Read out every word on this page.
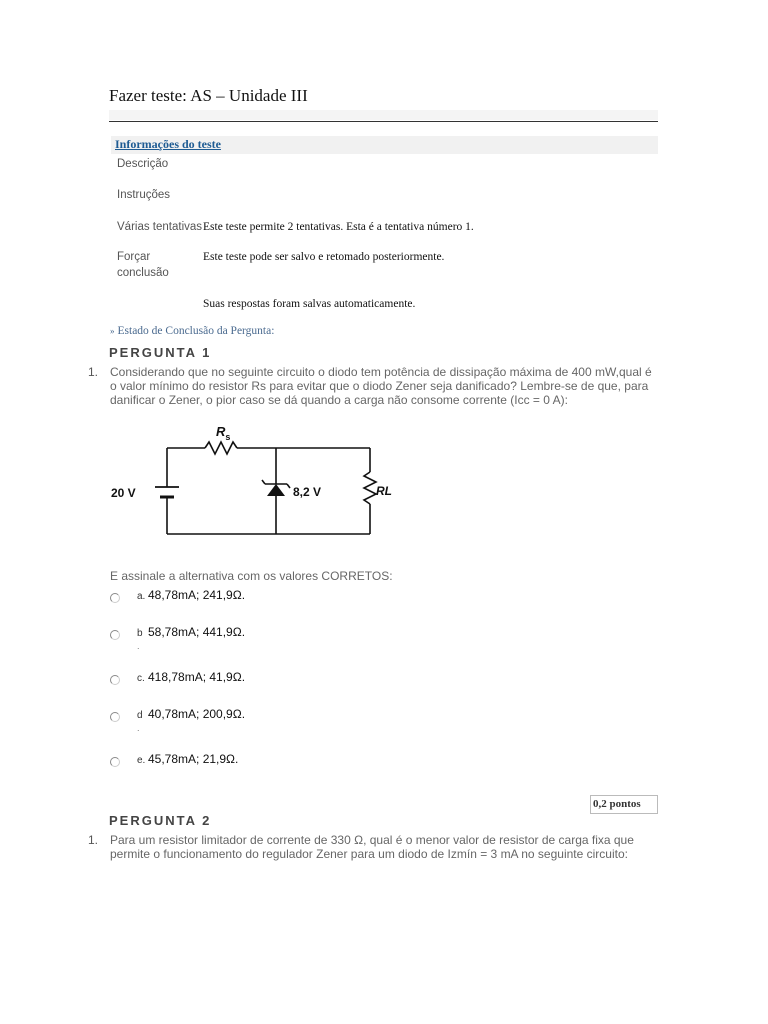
Fazer teste: AS – Unidade III
Informações do teste
Descrição
Instruções
Várias tentativas Este teste permite 2 tentativas. Esta é a tentativa número 1.
Forçar conclusão
Este teste pode ser salvo e retomado posteriormente.
Suas respostas foram salvas automaticamente.
» Estado de Conclusão da Pergunta:
PERGUNTA 1
1. Considerando que no seguinte circuito o diodo tem potência de dissipação máxima de 400 mW,qual é o valor mínimo do resistor Rs para evitar que o diodo Zener seja danificado? Lembre-se de que, para danificar o Zener, o pior caso se dá quando a carga não consome corrente (Icc = 0 A):
$R_s$
20 V	8,2 V	RL
E assinale a alternativa com os valores CORRETOS:
a. 48,78mA; 241,9Ω.
b 58,78mA; 441,9Ω.
.
c. 418,78mA; 41,9Ω.
d 40,78mA; 200,9Ω.
.
e. 45,78mA; 21,9Ω.
0,2 pontos
PERGUNTA 2
1. Para um resistor limitador de corrente de 330 Ω, qual é o menor valor de resistor de carga fixa que permite o funcionamento do regulador Zener para um diodo de Izmín = 3 mA no seguinte circuito:
